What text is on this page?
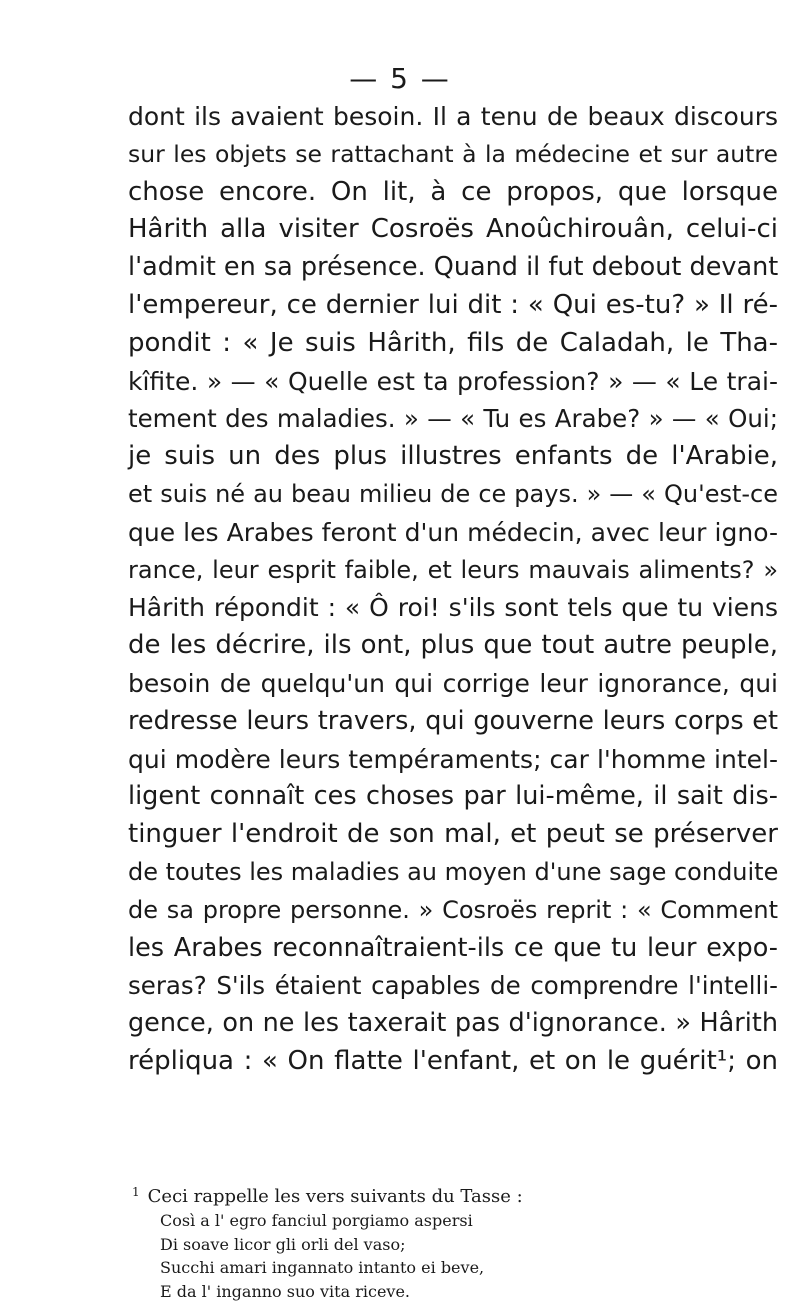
— 5 —
dont ils avaient besoin. Il a tenu de beaux discours
sur les objets se rattachant à la médecine et sur autre
chose encore. On lit, à ce propos, que lorsque
Hârith alla visiter Cosroës Anoûchirouân, celui-ci
l'admit en sa présence. Quand il fut debout devant
l'empereur, ce dernier lui dit : « Qui es-tu? » Il ré-
pondit : « Je suis Hârith, fils de Caladah, le Tha-
kîfite. » — « Quelle est ta profession? » — « Le trai-
tement des maladies. » — « Tu es Arabe? » — « Oui;
je suis un des plus illustres enfants de l'Arabie,
et suis né au beau milieu de ce pays. » — « Qu'est-ce
que les Arabes feront d'un médecin, avec leur igno-
rance, leur esprit faible, et leurs mauvais aliments? »
Hârith répondit : « Ô roi! s'ils sont tels que tu viens
de les décrire, ils ont, plus que tout autre peuple,
besoin de quelqu'un qui corrige leur ignorance, qui
redresse leurs travers, qui gouverne leurs corps et
qui modère leurs tempéraments; car l'homme intel-
ligent connaît ces choses par lui-même, il sait dis-
tinguer l'endroit de son mal, et peut se préserver
de toutes les maladies au moyen d'une sage conduite
de sa propre personne. » Cosroës reprit : « Comment
les Arabes reconnaîtraient-ils ce que tu leur expo-
seras? S'ils étaient capables de comprendre l'intelli-
gence, on ne les taxerait pas d'ignorance. » Hârith
répliqua : « On flatte l'enfant, et on le guérit¹; on
$^1$ Ceci rappelle les vers suivants du Tasse :
Così a l' egro fanciul porgiamo aspersi
Di soave licor gli orli del vaso;
Succhi amari ingannato intanto ei beve,
E da l' inganno suo vita riceve.
